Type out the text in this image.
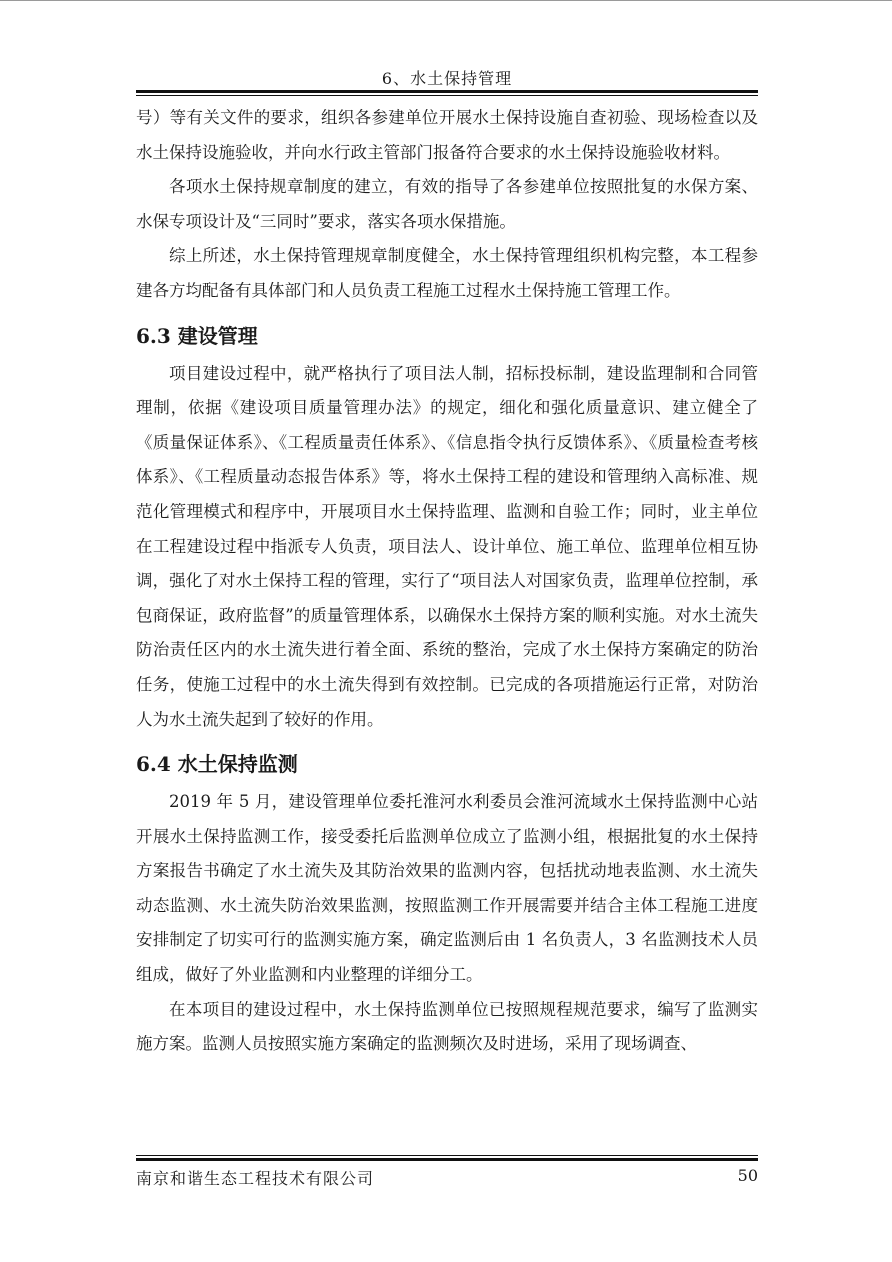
6、水土保持管理

号）等有关文件的要求，组织各参建单位开展水土保持设施自查初验、现场检查以及水土保持设施验收，并向水行政主管部门报备符合要求的水土保持设施验收材料。

各项水土保持规章制度的建立，有效的指导了各参建单位按照批复的水保方案、水保专项设计及“三同时”要求，落实各项水保措施。

综上所述，水土保持管理规章制度健全，水土保持管理组织机构完整，本工程参建各方均配备有具体部门和人员负责工程施工过程水土保持施工管理工作。

6.3 建设管理

项目建设过程中，就严格执行了项目法人制，招标投标制，建设监理制和合同管理制，依据《建设项目质量管理办法》的规定，细化和强化质量意识、建立健全了《质量保证体系》、《工程质量责任体系》、《信息指令执行反馈体系》、《质量检查考核体系》、《工程质量动态报告体系》等，将水土保持工程的建设和管理纳入高标准、规范化管理模式和程序中，开展项目水土保持监理、监测和自验工作；同时，业主单位在工程建设过程中指派专人负责，项目法人、设计单位、施工单位、监理单位相互协调，强化了对水土保持工程的管理，实行了“项目法人对国家负责，监理单位控制，承包商保证，政府监督”的质量管理体系，以确保水土保持方案的顺利实施。对水土流失防治责任区内的水土流失进行着全面、系统的整治，完成了水土保持方案确定的防治任务，使施工过程中的水土流失得到有效控制。已完成的各项措施运行正常，对防治人为水土流失起到了较好的作用。

6.4 水土保持监测

2019 年 5 月，建设管理单位委托淮河水利委员会淮河流域水土保持监测中心站开展水土保持监测工作，接受委托后监测单位成立了监测小组，根据批复的水土保持方案报告书确定了水土流失及其防治效果的监测内容，包括扰动地表监测、水土流失动态监测、水土流失防治效果监测，按照监测工作开展需要并结合主体工程施工进度安排制定了切实可行的监测实施方案，确定监测后由 1 名负责人，3 名监测技术人员组成，做好了外业监测和内业整理的详细分工。

在本项目的建设过程中，水土保持监测单位已按照规程规范要求，编写了监测实施方案。监测人员按照实施方案确定的监测频次及时进场，采用了现场调查、

南京和谐生态工程技术有限公司	50
